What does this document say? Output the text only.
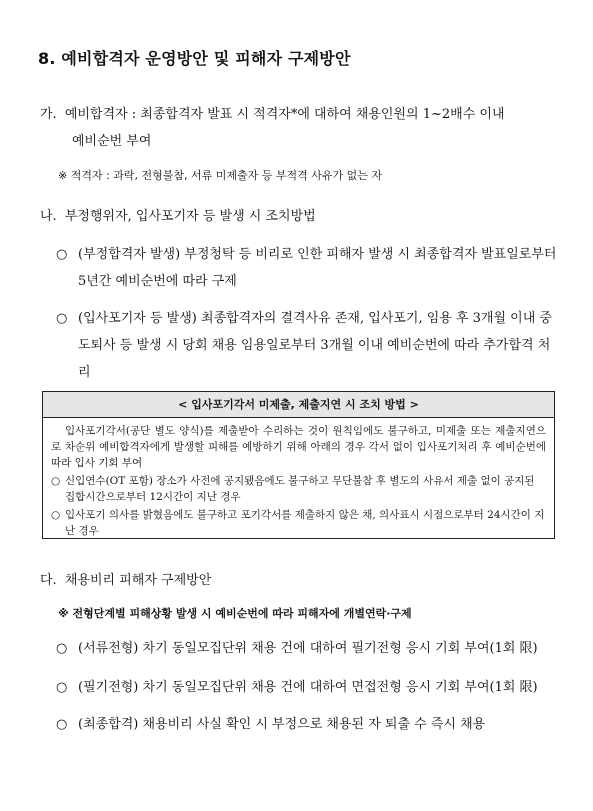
8. 예비합격자 운영방안 및 피해자 구제방안
가. 예비합격자 : 최종합격자 발표 시 적격자*에 대하여 채용인원의 1~2배수 이내
예비순번 부여
※ 적격자 : 과락, 전형불참, 서류 미제출자 등 부적격 사유가 없는 자
나. 부정행위자, 입사포기자 등 발생 시 조치방법
○ (부정합격자 발생) 부정청탁 등 비리로 인한 피해자 발생 시 최종합격자 발표일로부터 5년간 예비순번에 따라 구제
○ (입사포기자 등 발생) 최종합격자의 결격사유 존재, 입사포기, 임용 후 3개월 이내 중도퇴사 등 발생 시 당회 채용 임용일로부터 3개월 이내 예비순번에 따라 추가합격 처리
< 입사포기각서 미제출, 제출지연 시 조치 방법 >
입사포기각서(공단 별도 양식)를 제출받아 수리하는 것이 원칙임에도 불구하고, 미제출 또는 제출지연으로 차순위 예비합격자에게 발생할 피해를 예방하기 위해 아래의 경우 각서 없이 입사포기처리 후 예비순번에 따라 입사 기회 부여
○ 신입연수(OT 포함) 장소가 사전에 공지됐음에도 불구하고 무단불참 후 별도의 사유서 제출 없이 공지된 집합시간으로부터 12시간이 지난 경우
○ 입사포기 의사를 밝혔음에도 불구하고 포기각서를 제출하지 않은 채, 의사표시 시점으로부터 24시간이 지난 경우
다. 채용비리 피해자 구제방안
※ 전형단계별 피해상황 발생 시 예비순번에 따라 피해자에 개별연락·구제
○ (서류전형) 차기 동일모집단위 채용 건에 대하여 필기전형 응시 기회 부여(1회 限)
○ (필기전형) 차기 동일모집단위 채용 건에 대하여 면접전형 응시 기회 부여(1회 限)
○ (최종합격) 채용비리 사실 확인 시 부정으로 채용된 자 퇴출 수 즉시 채용
